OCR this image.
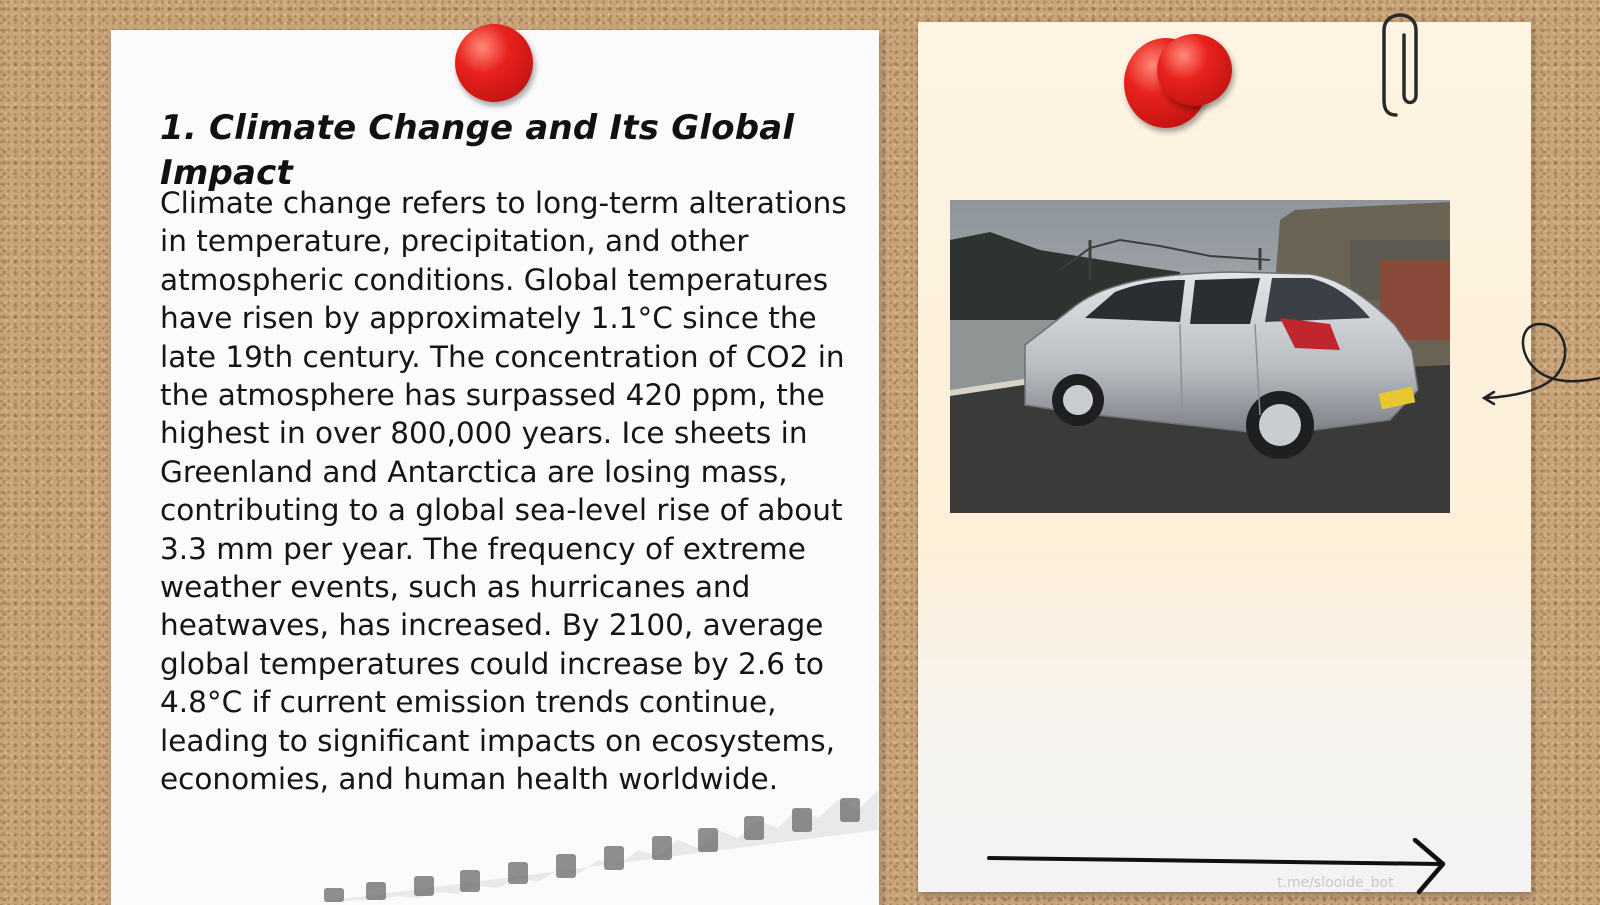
1. Climate Change and Its Global Impact

Climate change refers to long-term alterations in temperature, precipitation, and other atmospheric conditions. Global temperatures have risen by approximately 1.1°C since the late 19th century. The concentration of CO2 in the atmosphere has surpassed 420 ppm, the highest in over 800,000 years. Ice sheets in Greenland and Antarctica are losing mass, contributing to a global sea-level rise of about 3.3 mm per year. The frequency of extreme weather events, such as hurricanes and heatwaves, has increased. By 2100, average global temperatures could increase by 2.6 to 4.8°C if current emission trends continue, leading to significant impacts on ecosystems, economies, and human health worldwide.

t.me/slooide_bot
